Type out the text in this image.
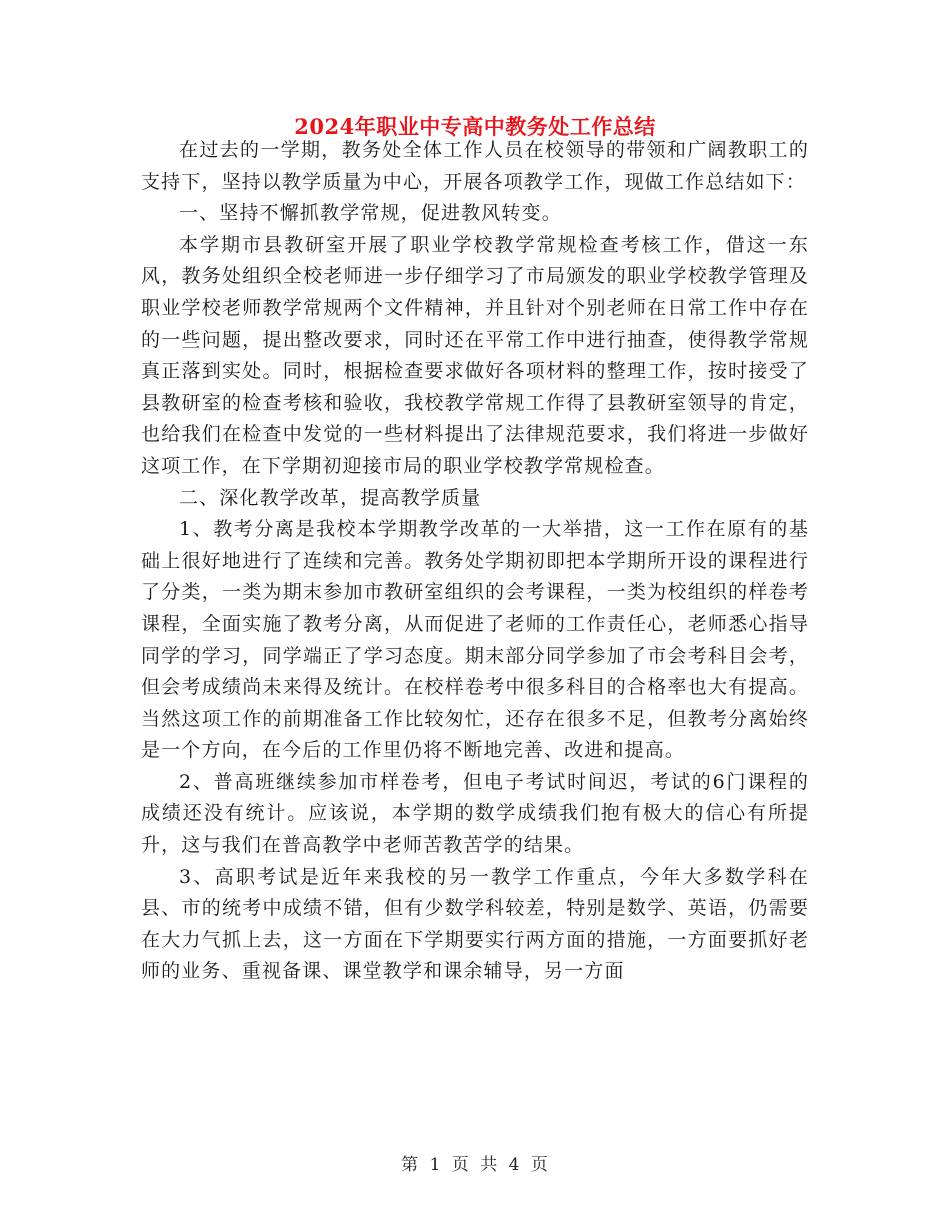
2024年职业中专高中教务处工作总结

在过去的一学期，教务处全体工作人员在校领导的带领和广阔教职工的支持下，坚持以教学质量为中心，开展各项教学工作，现做工作总结如下：

一、坚持不懈抓教学常规，促进教风转变。

本学期市县教研室开展了职业学校教学常规检查考核工作，借这一东风，教务处组织全校老师进一步仔细学习了市局颁发的职业学校教学管理及职业学校老师教学常规两个文件精神，并且针对个别老师在日常工作中存在的一些问题，提出整改要求，同时还在平常工作中进行抽查，使得教学常规真正落到实处。同时，根据检查要求做好各项材料的整理工作，按时接受了县教研室的检查考核和验收，我校教学常规工作得了县教研室领导的肯定，也给我们在检查中发觉的一些材料提出了法律规范要求，我们将进一步做好这项工作，在下学期初迎接市局的职业学校教学常规检查。

二、深化教学改革，提高教学质量

1、教考分离是我校本学期教学改革的一大举措，这一工作在原有的基础上很好地进行了连续和完善。教务处学期初即把本学期所开设的课程进行了分类，一类为期末参加市教研室组织的会考课程，一类为校组织的样卷考课程，全面实施了教考分离，从而促进了老师的工作责任心，老师悉心指导同学的学习，同学端正了学习态度。期末部分同学参加了市会考科目会考，但会考成绩尚未来得及统计。在校样卷考中很多科目的合格率也大有提高。当然这项工作的前期准备工作比较匆忙，还存在很多不足，但教考分离始终是一个方向，在今后的工作里仍将不断地完善、改进和提高。

2、普高班继续参加市样卷考，但电子考试时间迟，考试的6门课程的成绩还没有统计。应该说，本学期的数学成绩我们抱有极大的信心有所提升，这与我们在普高教学中老师苦教苦学的结果。

3、高职考试是近年来我校的另一教学工作重点，今年大多数学科在县、市的统考中成绩不错，但有少数学科较差，特别是数学、英语，仍需要在大力气抓上去，这一方面在下学期要实行两方面的措施，一方面要抓好老师的业务、重视备课、课堂教学和课余辅导，另一方面

第 1 页 共 4 页
